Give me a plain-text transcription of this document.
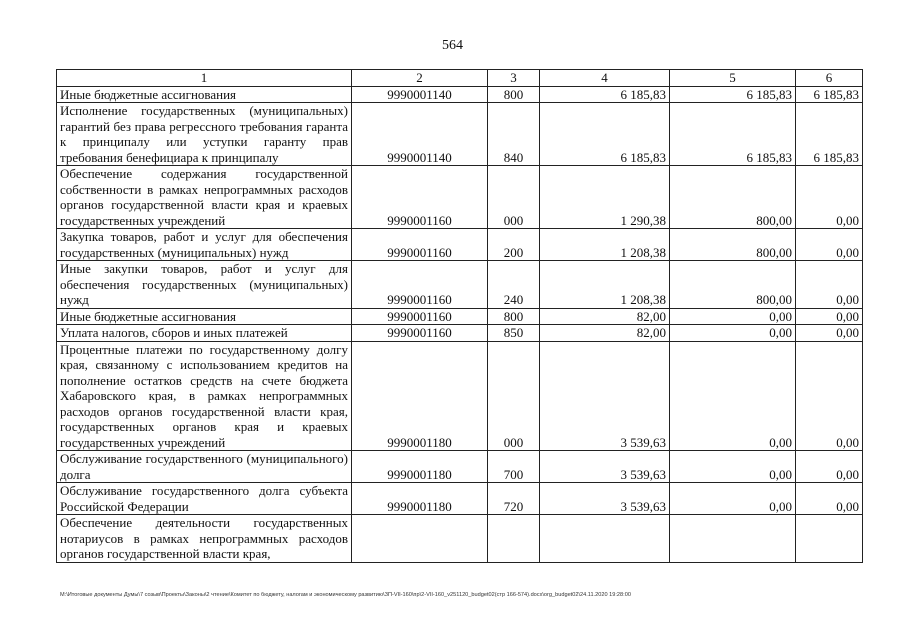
564
1	2	3	4	5	6
Иные бюджетные ассигнования	9990001140	800	6 185,83	6 185,83	6 185,83
Исполнение государственных (муниципальных) гарантий без права регрессного требования гаранта к принципалу или уступки гаранту прав требования бенефициара к принципалу	9990001140	840	6 185,83	6 185,83	6 185,83
Обеспечение содержания государственной собственности в рамках непрограммных расходов органов государственной власти края и краевых государственных учреждений	9990001160	000	1 290,38	800,00	0,00
Закупка товаров, работ и услуг для обеспечения государственных (муниципальных) нужд	9990001160	200	1 208,38	800,00	0,00
Иные закупки товаров, работ и услуг для обеспечения государственных (муниципальных) нужд	9990001160	240	1 208,38	800,00	0,00
Иные бюджетные ассигнования	9990001160	800	82,00	0,00	0,00
Уплата налогов, сборов и иных платежей	9990001160	850	82,00	0,00	0,00
Процентные платежи по государственному долгу края, связанному с использованием кредитов на пополнение остатков средств на счете бюджета Хабаровского края, в рамках непрограммных расходов органов государственной власти края, государственных органов края и краевых государственных учреждений	9990001180	000	3 539,63	0,00	0,00
Обслуживание государственного (муниципального) долга	9990001180	700	3 539,63	0,00	0,00
Обслуживание государственного долга субъекта Российской Федерации	9990001180	720	3 539,63	0,00	0,00
Обеспечение деятельности государственных нотариусов в рамках непрограммных расходов органов государственной власти края,					
M:\Итоговые документы Думы\7 созыв\Проекты\Законы\2 чтение\Комитет по бюджету, налогам и экономическому развитию\ЗП-VII-160\пр\2-VII-160_v251120_budget02(стр 166-574).docx\org_budget02\24.11.2020 19:28:00
